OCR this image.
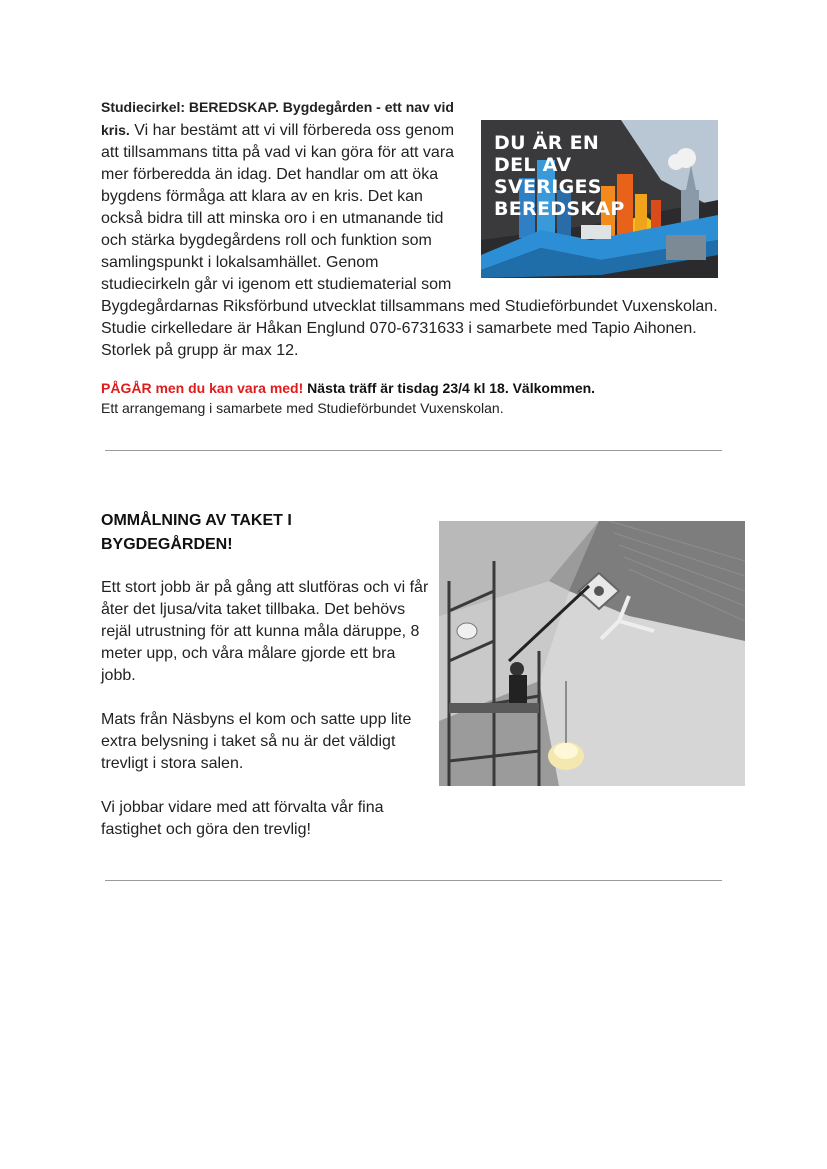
DU ÄR EN
DEL AV
SVERIGES
BEREDSKAP
Studiecirkel: BEREDSKAP. Bygdegården - ett nav vid kris. Vi har bestämt att vi vill förbereda oss genom att tillsammans titta på vad vi kan göra för att vara mer förberedda än idag. Det handlar om att öka bygdens förmåga att klara av en kris. Det kan också bidra till att minska oro i en utmanande tid och stärka bygdegårdens roll och funktion som samlingspunkt i lokalsamhället. Genom studiecirkeln går vi igenom ett studiematerial som Bygdegårdarnas Riksförbund utvecklat tillsammans med Studieförbundet Vuxenskolan. Studie cirkelledare är Håkan Englund 070-6731633 i samarbete med Tapio Aihonen. Storlek på grupp är max 12.
PÅGÅR men du kan vara med! Nästa träff är tisdag 23/4 kl 18. Välkommen.
Ett arrangemang i samarbete med Studieförbundet Vuxenskolan.
OMMÅLNING AV TAKET I BYGDEGÅRDEN!
Ett stort jobb är på gång att slutföras och vi får åter det ljusa/vita taket tillbaka. Det behövs rejäl utrustning för att kunna måla däruppe, 8 meter upp, och våra målare gjorde ett bra jobb.
Mats från Näsbyns el kom och satte upp lite extra belysning i taket så nu är det väldigt trevligt i stora salen.
Vi jobbar vidare med att förvalta vår fina fastighet och göra den trevlig!
